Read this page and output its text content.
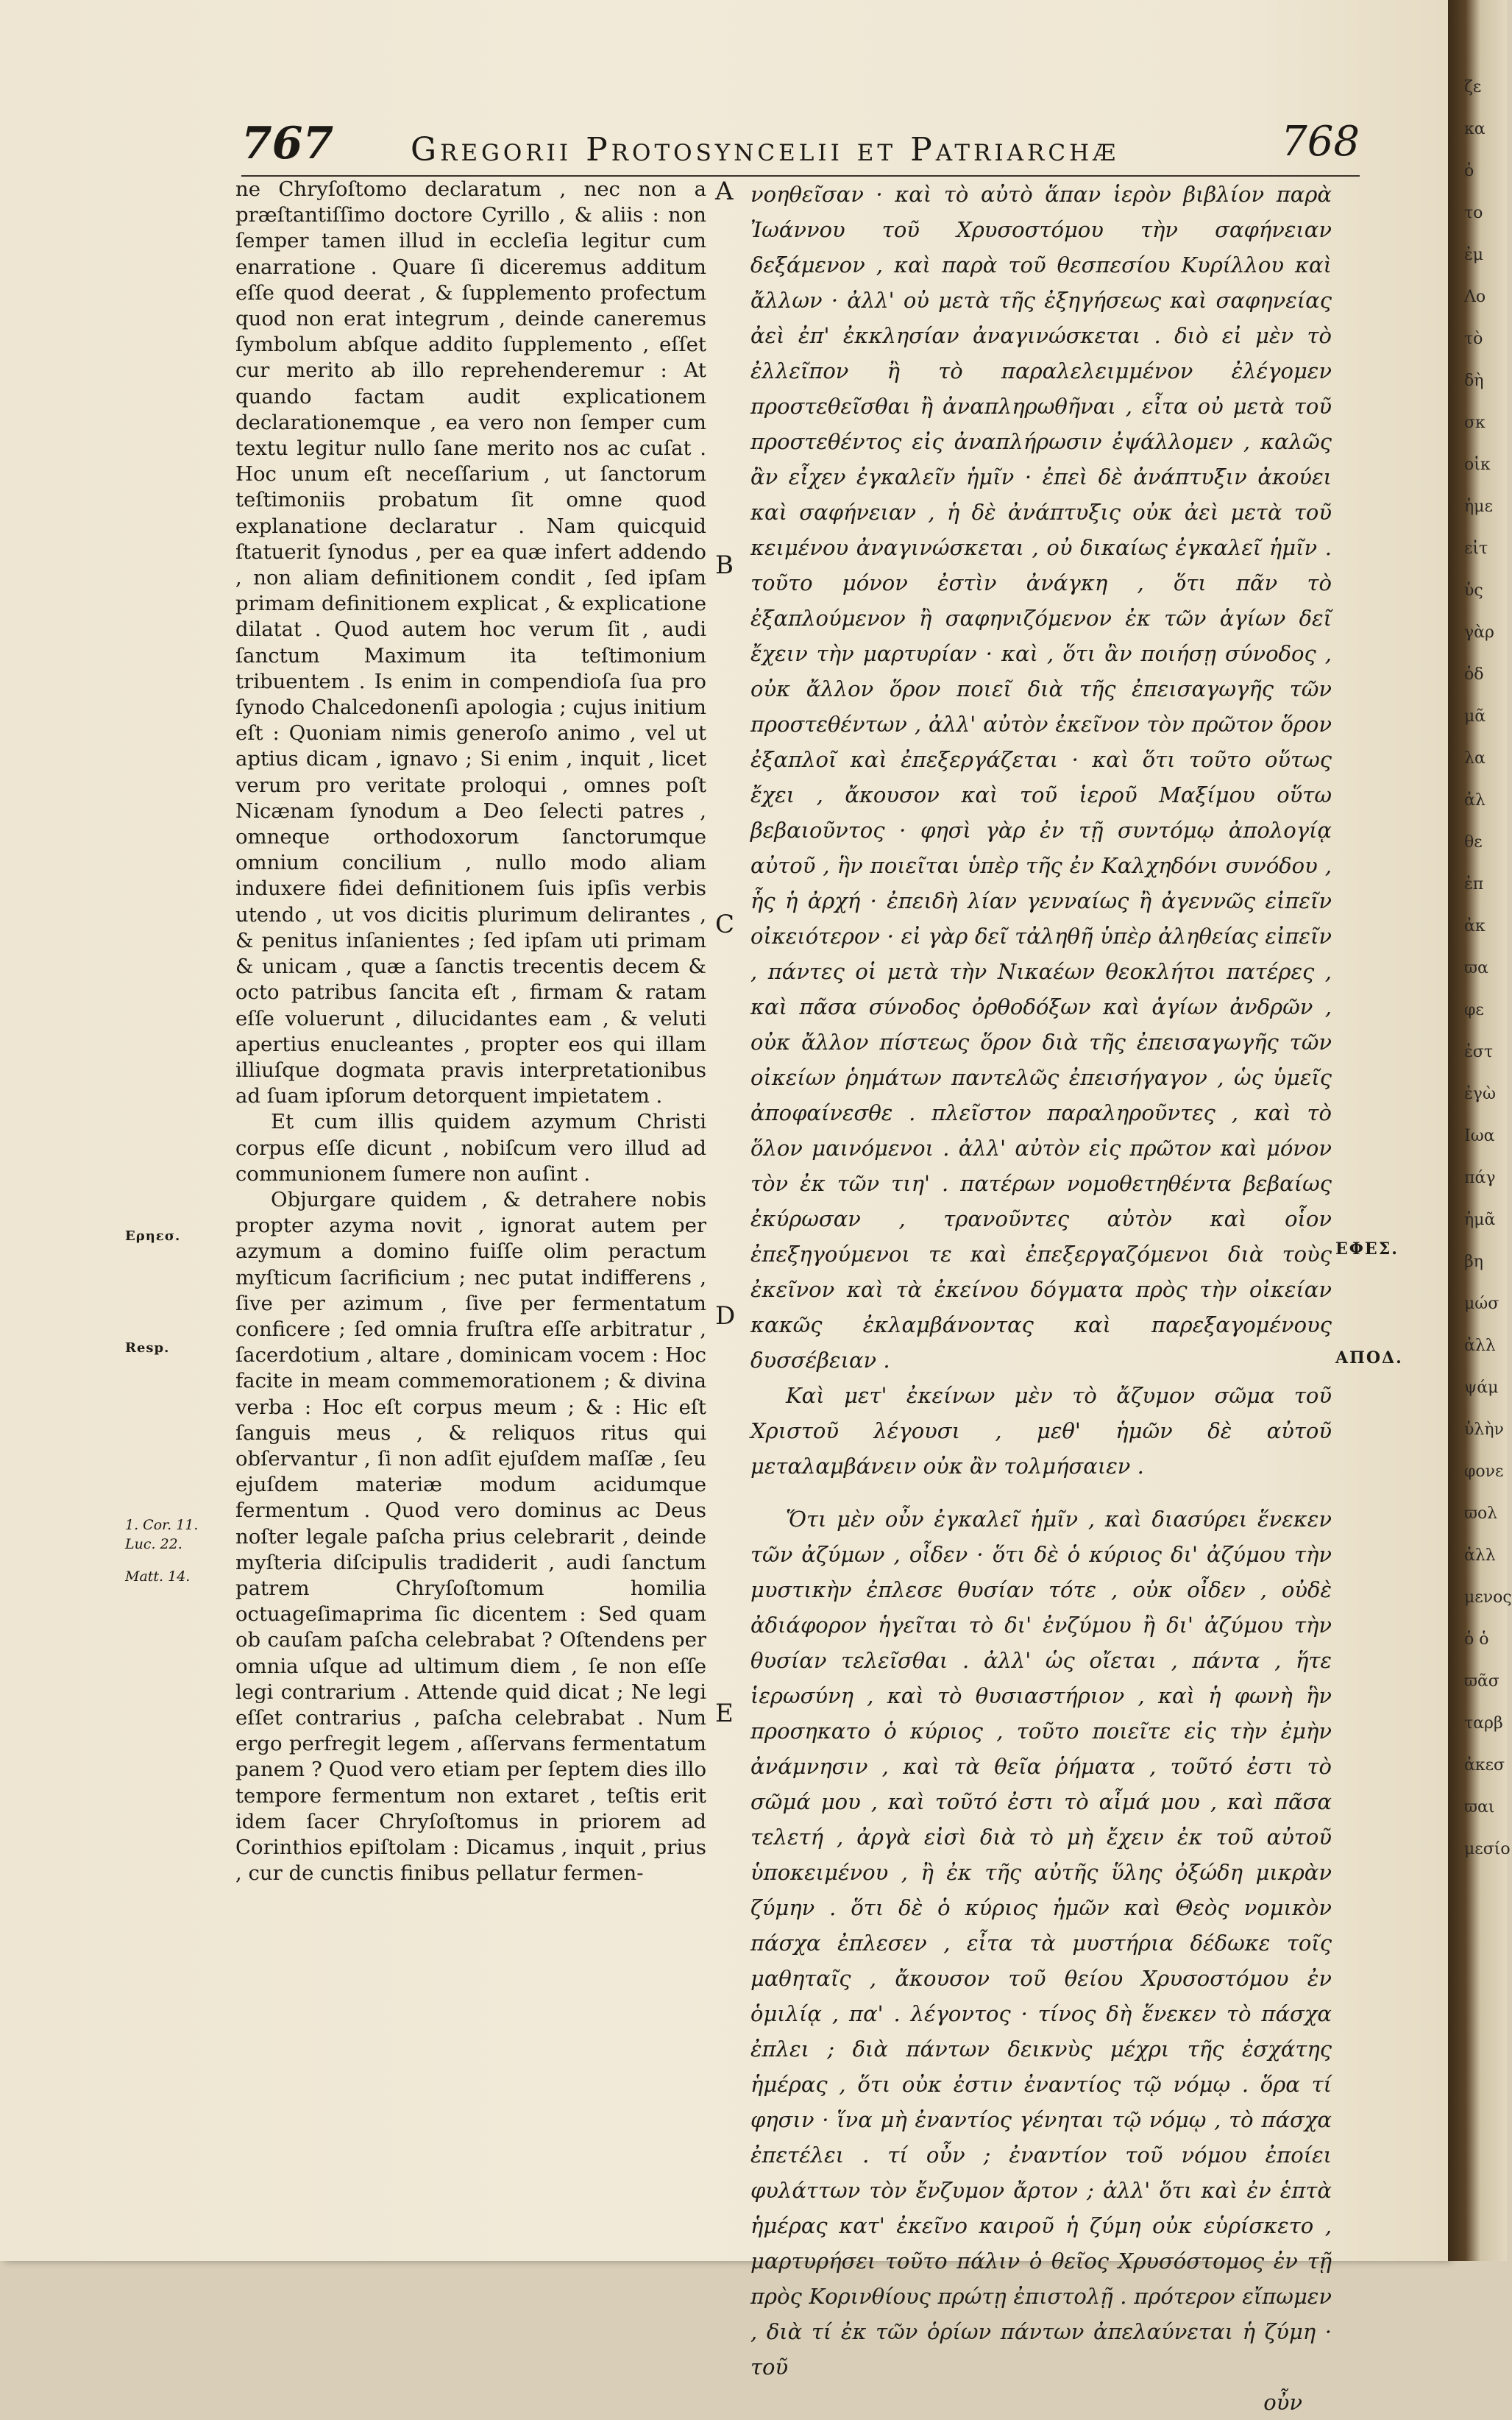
767 Gregorii Protosyncelii et Patriarchæ	768
Ερηεσ.
Resp.
1. Cor. 11.
Luc. 22.
Matt. 14.

ne Chryſoſtomo declaratum , nec non a præſtantiſſimo doctore Cyrillo , & aliis : non ſemper tamen illud in eccleſia legitur cum enarratione . Quare ſi diceremus additum eſſe quod deerat , & ſupplemento profectum quod non erat integrum , deinde caneremus ſymbolum abſque addito ſupplemento , eſſet cur merito ab illo reprehenderemur : At quando factam audit explicationem declarationemque , ea vero non ſemper cum textu legitur nullo ſane merito nos ac cuſat . Hoc unum eſt neceſſarium , ut ſanctorum teſtimoniis probatum ſit omne quod explanatione declaratur . Nam quicquid ſtatuerit ſynodus , per ea quæ infert addendo , non aliam definitionem condit , ſed ipſam primam definitionem explicat , & explicatione dilatat . Quod autem hoc verum ſit , audi ſanctum Maximum ita teſtimonium tribuentem . Is enim in compendioſa ſua pro ſynodo Chalcedonenſi apologia ; cujus initium eſt : Quoniam nimis generoſo animo , vel ut aptius dicam , ignavo ; Si enim , inquit , licet verum pro veritate proloqui , omnes poſt Nicænam ſynodum a Deo ſelecti patres , omneque orthodoxorum ſanctorumque omnium concilium , nullo modo aliam induxere fidei definitionem ſuis ipſis verbis utendo , ut vos dicitis plurimum delirantes , & penitus inſanientes ; ſed ipſam uti primam & unicam , quæ a ſanctis trecentis decem & octo patribus ſancita eſt , firmam & ratam eſſe voluerunt , dilucidantes eam , & veluti apertius enucleantes , propter eos qui illam illiuſque dogmata pravis interpretationibus ad ſuam ipſorum detorquent impietatem .

Et cum illis quidem azymum Christi corpus eſſe dicunt , nobiſcum vero illud ad communionem ſumere non auſint .

Objurgare quidem , & detrahere nobis propter azyma novit , ignorat autem per azymum a domino fuiſſe olim peractum myſticum ſacrificium ; nec putat indifferens , ſive per azimum , ſive per fermentatum conficere ; ſed omnia fruſtra eſſe arbitratur , ſacerdotium , altare , dominicam vocem : Hoc facite in meam commemorationem ; & divina verba : Hoc eſt corpus meum ; & : Hic eſt ſanguis meus , & reliquos ritus qui obſervantur , ſi non adſit ejuſdem maſſæ , ſeu ejuſdem materiæ modum acidumque fermentum . Quod vero dominus ac Deus noſter legale paſcha prius celebrarit , deinde myſteria diſcipulis tradiderit , audi ſanctum patrem Chryſoſtomum homilia octuageſimaprima ſic dicentem : Sed quam ob cauſam paſcha celebrabat ? Oſtendens per omnia uſque ad ultimum diem , ſe non eſſe legi contrarium . Attende quid dicat ; Ne legi eſſet contrarius , paſcha celebrabat . Num ergo perfregit legem , aſſervans fermentatum panem ? Quod vero etiam per ſeptem dies illo tempore fermentum non extaret , teſtis erit idem ſacer Chryſoſtomus in priorem ad Corinthios epiſtolam : Dicamus , inquit , prius , cur de cunctis finibus pellatur fermen-

A
B
C
D
E

νοηθεῖσαν · καὶ τὸ αὐτὸ ἅπαν ἱερὸν βιβλίον παρὰ Ἰωάννου τοῦ Χρυσοστόμου τὴν σαφήνειαν δεξάμενον , καὶ παρὰ τοῦ θεσπεσίου Κυρίλλου καὶ ἄλλων · ἀλλ' οὐ μετὰ τῆς ἐξηγήσεως καὶ σαφηνείας ἀεὶ ἐπ' ἐκκλησίαν ἀναγινώσκεται . διὸ εἰ μὲν τὸ ἐλλεῖπον ἢ τὸ παραλελειμμένον ἐλέγομεν προστεθεῖσθαι ἢ ἀναπληρωθῆναι , εἶτα οὐ μετὰ τοῦ προστεθέντος εἰς ἀναπλήρωσιν ἐψάλλομεν , καλῶς ἂν εἶχεν ἐγκαλεῖν ἡμῖν · ἐπεὶ δὲ ἀνάπτυξιν ἀκούει καὶ σαφήνειαν , ἡ δὲ ἀνάπτυξις οὐκ ἀεὶ μετὰ τοῦ κειμένου ἀναγινώσκεται , οὐ δικαίως ἐγκαλεῖ ἡμῖν . τοῦτο μόνον ἐστὶν ἀνάγκη , ὅτι πᾶν τὸ ἐξαπλούμενον ἢ σαφηνιζόμενον ἐκ τῶν ἁγίων δεῖ ἔχειν τὴν μαρτυρίαν · καὶ , ὅτι ἂν ποιήσῃ σύνοδος , οὐκ ἄλλον ὅρον ποιεῖ διὰ τῆς ἐπεισαγωγῆς τῶν προστεθέντων , ἀλλ' αὐτὸν ἐκεῖνον τὸν πρῶτον ὅρον ἐξαπλοῖ καὶ ἐπεξεργάζεται · καὶ ὅτι τοῦτο οὕτως ἔχει , ἄκουσον καὶ τοῦ ἱεροῦ Μαξίμου οὕτω βεβαιοῦντος · φησὶ γὰρ ἐν τῇ συντόμῳ ἀπολογίᾳ αὐτοῦ , ἣν ποιεῖται ὑπὲρ τῆς ἐν Καλχηδόνι συνόδου , ἧς ἡ ἀρχή · ἐπειδὴ λίαν γενναίως ἢ ἀγεννῶς εἰπεῖν οἰκειότερον · εἰ γὰρ δεῖ τἀληθῆ ὑπὲρ ἀληθείας εἰπεῖν , πάντες οἱ μετὰ τὴν Νικαέων θεοκλήτοι πατέρες , καὶ πᾶσα σύνοδος ὀρθοδόξων καὶ ἁγίων ἀνδρῶν , οὐκ ἄλλον πίστεως ὅρον διὰ τῆς ἐπεισαγωγῆς τῶν οἰκείων ῥημάτων παντελῶς ἐπεισήγαγον , ὡς ὑμεῖς ἀποφαίνεσθε . πλεῖστον παραληροῦντες , καὶ τὸ ὅλον μαινόμενοι . ἀλλ' αὐτὸν εἰς πρῶτον καὶ μόνον τὸν ἐκ τῶν τιη' . πατέρων νομοθετηθέντα βεβαίως ἐκύρωσαν , τρανοῦντες αὐτὸν καὶ οἷον ἐπεξηγούμενοι τε καὶ ἐπεξεργαζόμενοι διὰ τοὺς ἐκεῖνον καὶ τὰ ἐκείνου δόγματα πρὸς τὴν οἰκείαν κακῶς ἐκλαμβάνοντας καὶ παρεξαγομένους δυσσέβειαν .

Καὶ μετ' ἐκείνων μὲν τὸ ἄζυμον σῶμα τοῦ Χριστοῦ λέγουσι , μεθ' ἡμῶν δὲ αὐτοῦ μεταλαμβάνειν οὐκ ἂν τολμήσαιεν .

Ὅτι μὲν οὖν ἐγκαλεῖ ἡμῖν , καὶ διασύρει ἕνεκεν τῶν ἀζύμων , οἶδεν · ὅτι δὲ ὁ κύριος δι' ἀζύμου τὴν μυστικὴν ἐπλεσε θυσίαν τότε , οὐκ οἶδεν , οὐδὲ ἀδιάφορον ἡγεῖται τὸ δι' ἐνζύμου ἢ δι' ἀζύμου τὴν θυσίαν τελεῖσθαι . ἀλλ' ὡς οἴεται , πάντα , ἥτε ἱερωσύνη , καὶ τὸ θυσιαστήριον , καὶ ἡ φωνὴ ἣν προσηκατο ὁ κύριος , τοῦτο ποιεῖτε εἰς τὴν ἐμὴν ἀνάμνησιν , καὶ τὰ θεῖα ῥήματα , τοῦτό ἐστι τὸ σῶμά μου , καὶ τοῦτό ἐστι τὸ αἷμά μου , καὶ πᾶσα τελετή , ἀργὰ εἰσὶ διὰ τὸ μὴ ἔχειν ἐκ τοῦ αὐτοῦ ὑποκειμένου , ἢ ἐκ τῆς αὐτῆς ὕλης ὀξώδη μικρὰν ζύμην . ὅτι δὲ ὁ κύριος ἡμῶν καὶ Θεὸς νομικὸν πάσχα ἐπλεσεν , εἶτα τὰ μυστήρια δέδωκε τοῖς μαθηταῖς , ἄκουσον τοῦ θείου Χρυσοστόμου ἐν ὁμιλίᾳ , πα' . λέγοντος · τίνος δὴ ἕνεκεν τὸ πάσχα ἐπλει ; διὰ πάντων δεικνὺς μέχρι τῆς ἐσχάτης ἡμέρας , ὅτι οὐκ ἐστιν ἐναντίος τῷ νόμῳ . ὅρα τί φησιν · ἵνα μὴ ἐναντίος γένηται τῷ νόμῳ , τὸ πάσχα ἐπετέλει . τί οὖν ; ἐναντίον τοῦ νόμου ἐποίει φυλάττων τὸν ἔνζυμον ἄρτον ; ἀλλ' ὅτι καὶ ἐν ἑπτὰ ἡμέρας κατ' ἐκεῖνο καιροῦ ἡ ζύμη οὐκ εὑρίσκετο , μαρτυρήσει τοῦτο πάλιν ὁ θεῖος Χρυσόστομος ἐν τῇ πρὸς Κορινθίους πρώτῃ ἐπιστολῇ . πρότερον εἴπωμεν , διὰ τί ἐκ τῶν ὁρίων πάντων ἀπελαύνεται ἡ ζύμη · τοῦ

οὖν
ΕΦΕΣ.
ΑΠΟΔ.
ζε
κα
ὁ
το
ἐμ
Λο
τὸ
δὴ
σκ
οἱκ
ἡμε
εἰτ
ὑς
γὰρ
ὁδ
μᾶ
λα
ἀλ
θε
ἐπ
ἀκ
ϖα
φε
ἐστ
ἐγὼ
Ιωα
πάγ
ἡμᾶ
βη
μώσ
ἀλλ
ψάμ
ὑλὴν
φονε
ϖολ
ἀλλ
μενος
ὁ ὁ
ϖᾶσ
ταρβ
ἀκεσ
ϖαι
μεσίο
